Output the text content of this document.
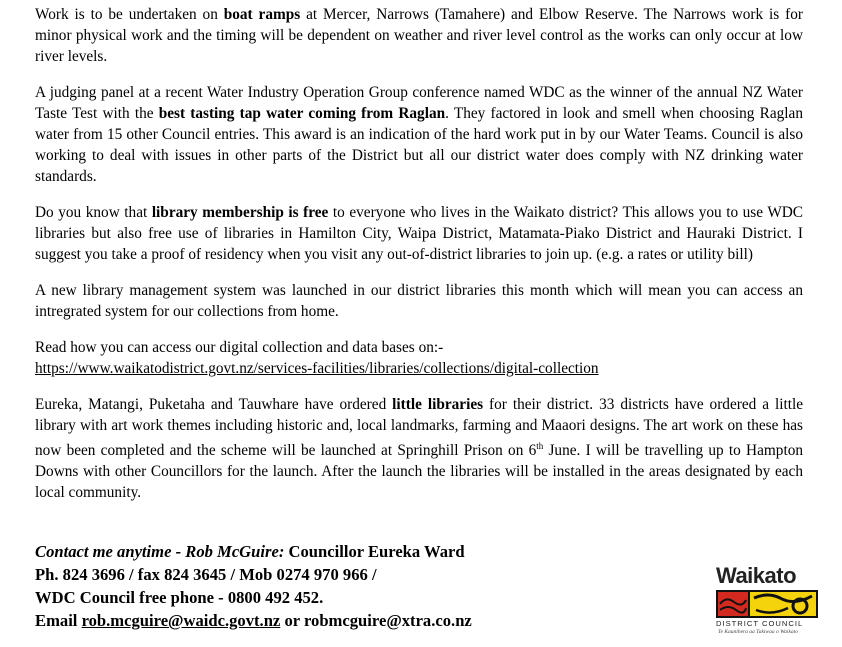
Work is to be undertaken on boat ramps at Mercer, Narrows (Tamahere) and Elbow Reserve. The Narrows work is for minor physical work and the timing will be dependent on weather and river level control as the works can only occur at low river levels.

A judging panel at a recent Water Industry Operation Group conference named WDC as the winner of the annual NZ Water Taste Test with the best tasting tap water coming from Raglan. They factored in look and smell when choosing Raglan water from 15 other Council entries. This award is an indication of the hard work put in by our Water Teams. Council is also working to deal with issues in other parts of the District but all our district water does comply with NZ drinking water standards.

Do you know that library membership is free to everyone who lives in the Waikato district? This allows you to use WDC libraries but also free use of libraries in Hamilton City, Waipa District, Matamata-Piako District and Hauraki District. I suggest you take a proof of residency when you visit any out-of-district libraries to join up. (e.g. a rates or utility bill)

A new library management system was launched in our district libraries this month which will mean you can access an intregrated system for our collections from home.

Read how you can access our digital collection and data bases on:-
https://www.waikatodistrict.govt.nz/services-facilities/libraries/collections/digital-collection

Eureka, Matangi, Puketaha and Tauwhare have ordered little libraries for their district. 33 districts have ordered a little library with art work themes including historic and, local landmarks, farming and Maaori designs. The art work on these has now been completed and the scheme will be launched at Springhill Prison on 6th June. I will be travelling up to Hampton Downs with other Councillors for the launch. After the launch the libraries will be installed in the areas designated by each local community.

Contact me anytime - Rob McGuire: Councillor Eureka Ward
Ph. 824 3696 / fax 824 3645 / Mob 0274 970 966 /
WDC Council free phone - 0800 492 452.
Email rob.mcguire@waidc.govt.nz or robmcguire@xtra.co.nz
Waikato
DISTRICT COUNCIL
Te Kaunihera aa Takiwaa o Waikato
